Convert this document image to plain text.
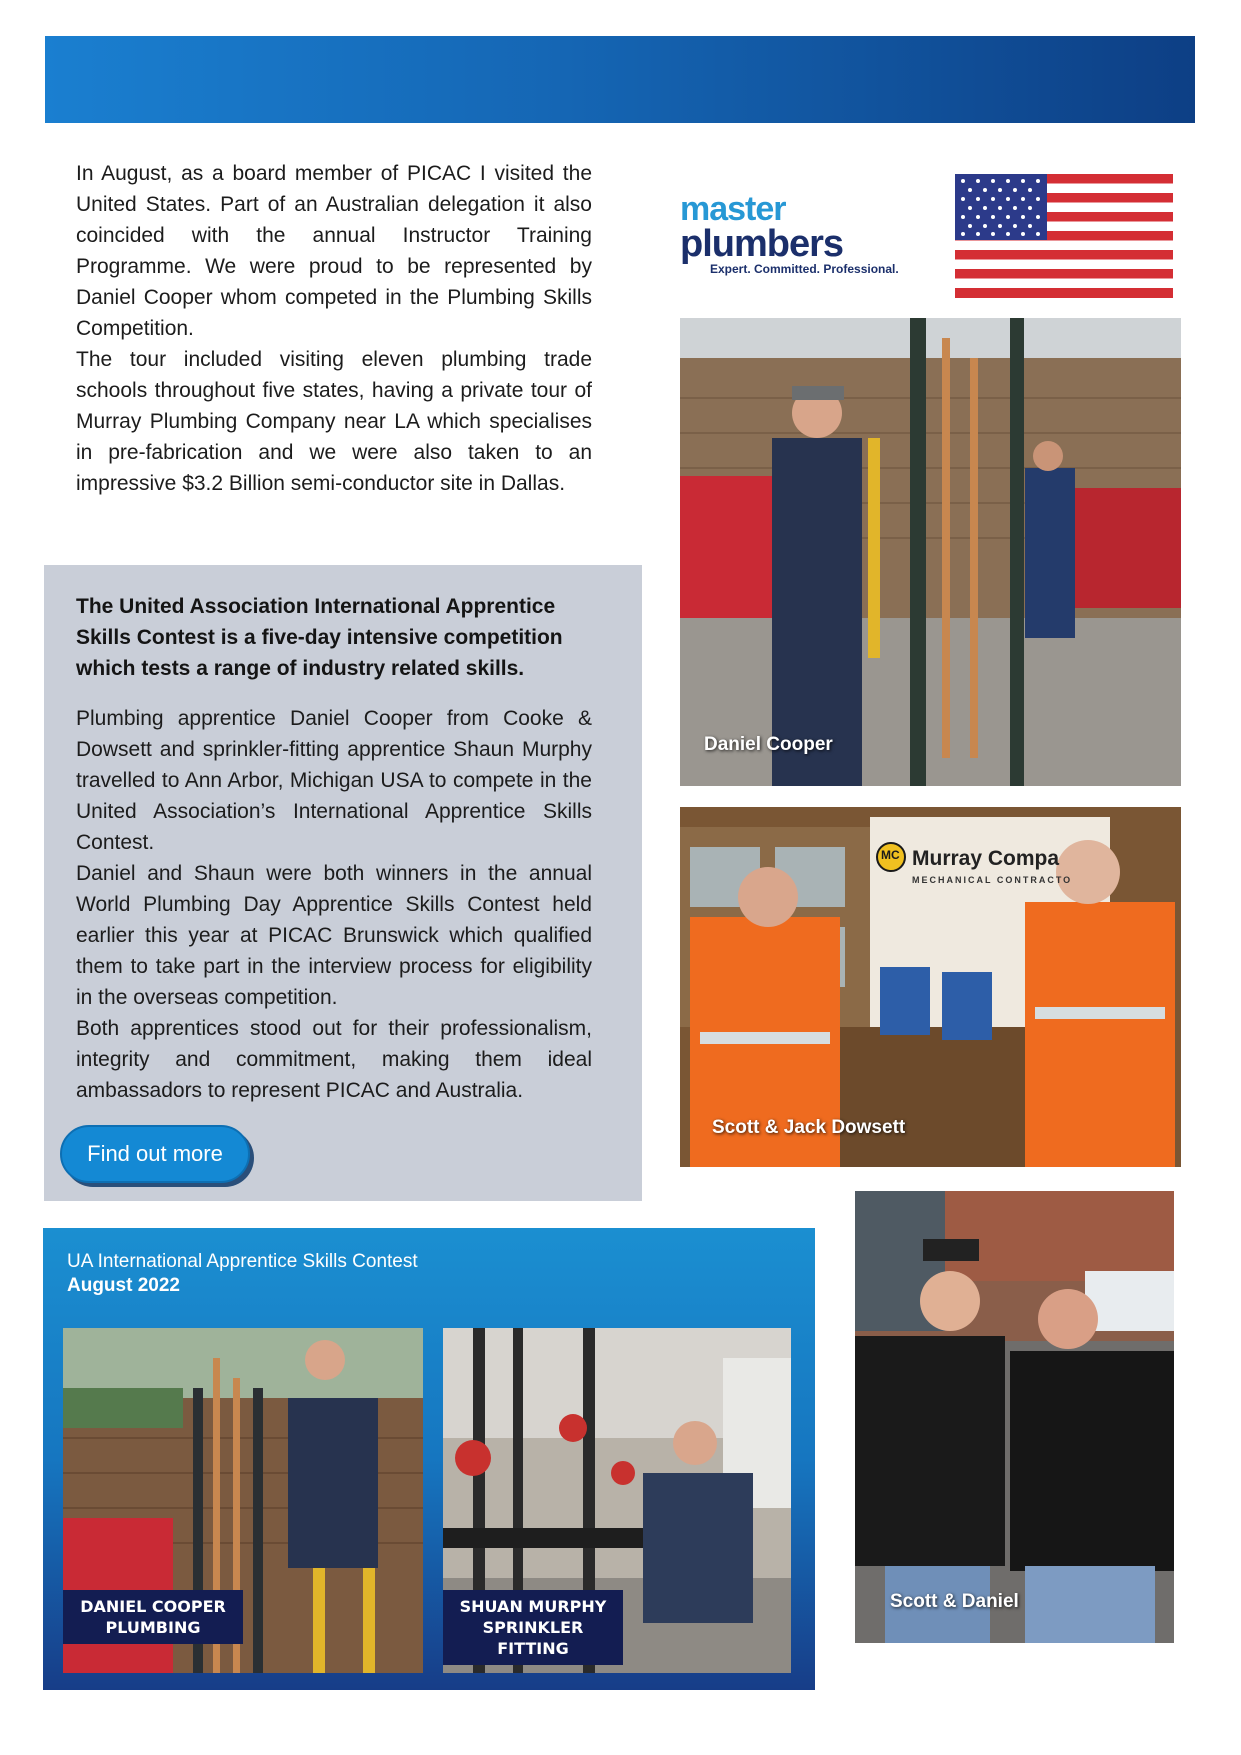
In August, as a board member of PICAC I visited the United States. Part of an Australian delegation it also coincided with the annual Instructor Training Programme. We were proud to be represented by Daniel Cooper whom competed in the Plumbing Skills Competition.

The tour included visiting eleven plumbing trade schools throughout five states, having a private tour of Murray Plumbing Company near LA which specialises in pre-fabrication and we were also taken to an impressive $3.2 Billion semi-conductor site in Dallas.

The United Association International Apprentice Skills Contest is a five-day intensive competition which tests a range of industry related skills.

Plumbing apprentice Daniel Cooper from Cooke & Dowsett and sprinkler-fitting apprentice Shaun Murphy travelled to Ann Arbor, Michigan USA to compete in the United Association’s International Apprentice Skills Contest.

Daniel and Shaun were both winners in the annual World Plumbing Day Apprentice Skills Contest held earlier this year at PICAC Brunswick which qualified them to take part in the interview process for eligibility in the overseas competition.

Both apprentices stood out for their professionalism, integrity and commitment, making them ideal ambassadors to represent PICAC and Australia.

Find out more
master
plumbers
Expert. Committed. Professional.
Daniel Cooper
MC Murray Compa
MECHANICAL CONTRACTO
Scott & Jack Dowsett
Scott & Daniel
UA International Apprentice Skills Contest
August 2022
DANIEL COOPER
PLUMBING
SHUAN MURPHY
SPRINKLER FITTING
